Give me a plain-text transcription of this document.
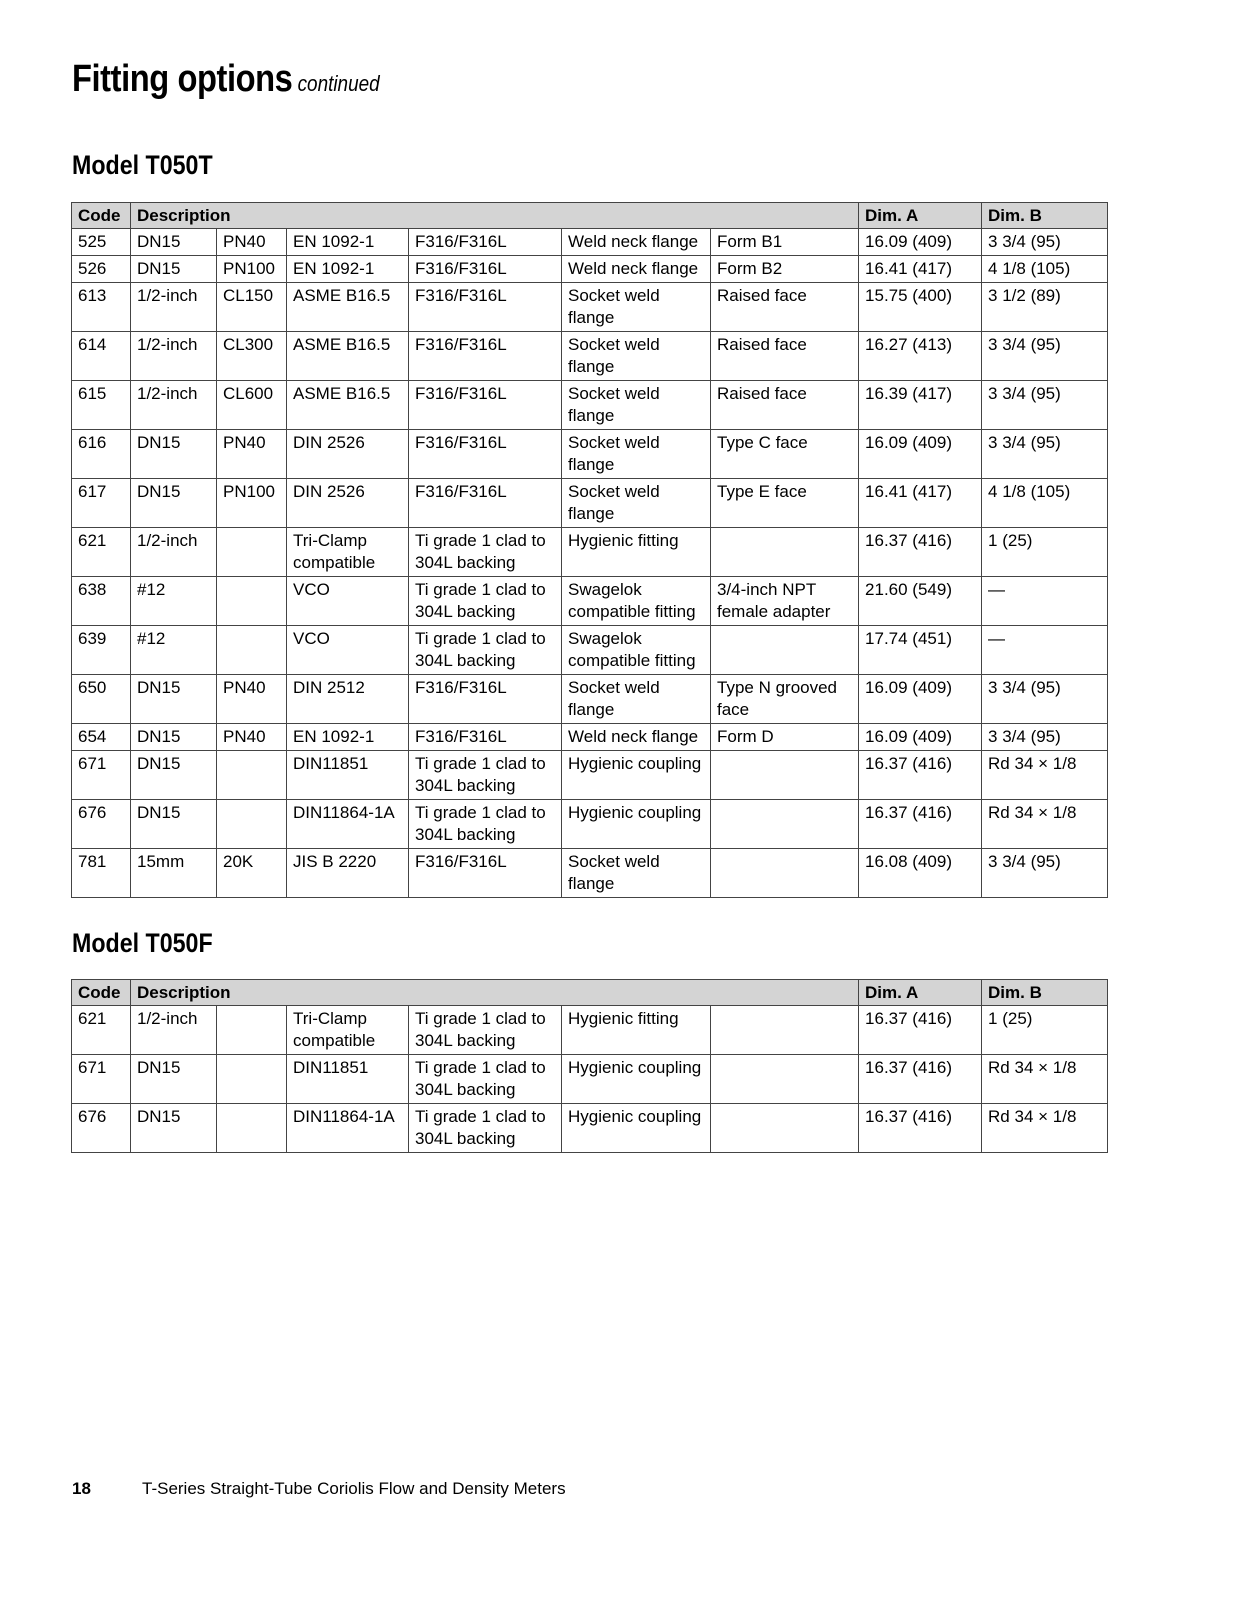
Fitting options continued
Model T050T
Code	Description						Dim. A	Dim. B
525	DN15	PN40	EN 1092-1	F316/F316L	Weld neck flange	Form B1	16.09 (409)	3 3/4 (95)
526	DN15	PN100	EN 1092-1	F316/F316L	Weld neck flange	Form B2	16.41 (417)	4 1/8 (105)
613	1/2-inch	CL150	ASME B16.5	F316/F316L	Socket weld flange	Raised face	15.75 (400)	3 1/2 (89)
614	1/2-inch	CL300	ASME B16.5	F316/F316L	Socket weld flange	Raised face	16.27 (413)	3 3/4 (95)
615	1/2-inch	CL600	ASME B16.5	F316/F316L	Socket weld flange	Raised face	16.39 (417)	3 3/4 (95)
616	DN15	PN40	DIN 2526	F316/F316L	Socket weld flange	Type C face	16.09 (409)	3 3/4 (95)
617	DN15	PN100	DIN 2526	F316/F316L	Socket weld flange	Type E face	16.41 (417)	4 1/8 (105)
621	1/2-inch		Tri-Clamp compatible	Ti grade 1 clad to 304L backing	Hygienic fitting		16.37 (416)	1 (25)
638	#12		VCO	Ti grade 1 clad to 304L backing	Swagelok compatible fitting	3/4-inch NPT female adapter	21.60 (549)	—
639	#12		VCO	Ti grade 1 clad to 304L backing	Swagelok compatible fitting		17.74 (451)	—
650	DN15	PN40	DIN 2512	F316/F316L	Socket weld flange	Type N grooved face	16.09 (409)	3 3/4 (95)
654	DN15	PN40	EN 1092-1	F316/F316L	Weld neck flange	Form D	16.09 (409)	3 3/4 (95)
671	DN15		DIN11851	Ti grade 1 clad to 304L backing	Hygienic coupling		16.37 (416)	Rd 34 × 1/8
676	DN15		DIN11864-1A	Ti grade 1 clad to 304L backing	Hygienic coupling		16.37 (416)	Rd 34 × 1/8
781	15mm	20K	JIS B 2220	F316/F316L	Socket weld flange		16.08 (409)	3 3/4 (95)
Model T050F
Code	Description						Dim. A	Dim. B
621	1/2-inch		Tri-Clamp compatible	Ti grade 1 clad to 304L backing	Hygienic fitting		16.37 (416)	1 (25)
671	DN15		DIN11851	Ti grade 1 clad to 304L backing	Hygienic coupling		16.37 (416)	Rd 34 × 1/8
676	DN15		DIN11864-1A	Ti grade 1 clad to 304L backing	Hygienic coupling		16.37 (416)	Rd 34 × 1/8
18	T-Series Straight-Tube Coriolis Flow and Density Meters
